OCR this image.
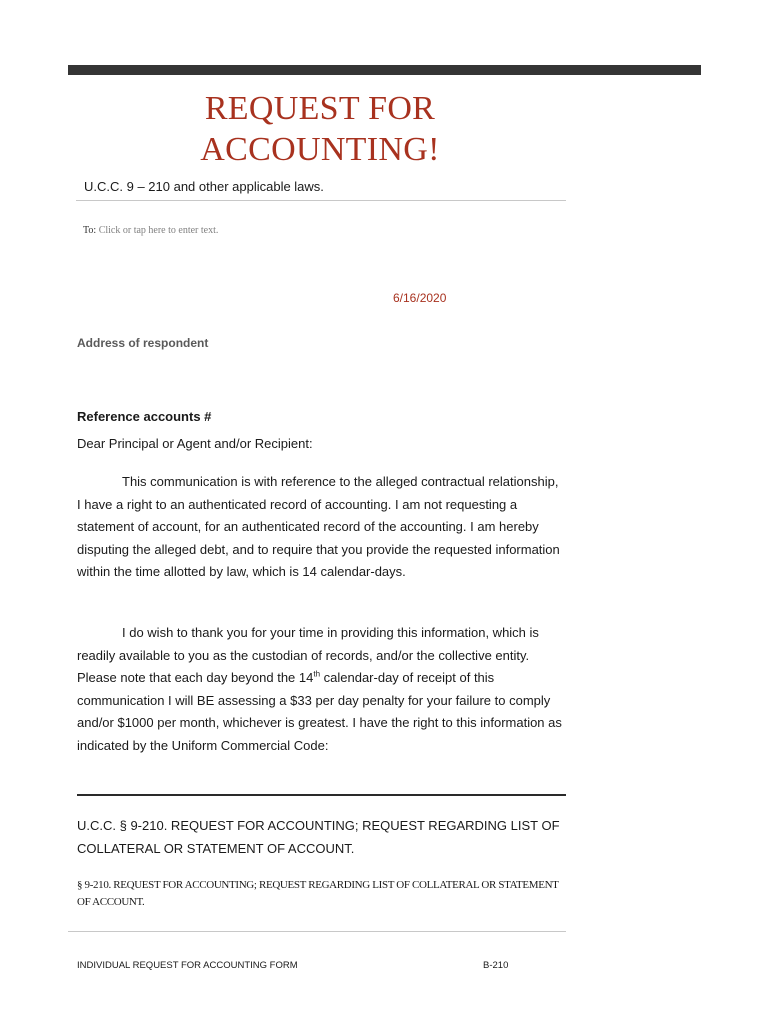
REQUEST FOR
ACCOUNTING!

U.C.C. 9 – 210 and other applicable laws.

To: Click or tap here to enter text.
6/16/2020
Address of respondent
Reference accounts #
Dear Principal or Agent and/or Recipient:

This communication is with reference to the alleged contractual relationship, I have a right to an authenticated record of accounting. I am not requesting a statement of account, for an authenticated record of the accounting. I am hereby disputing the alleged debt, and to require that you provide the requested information within the time allotted by law, which is 14 calendar-days.

I do wish to thank you for your time in providing this information, which is readily available to you as the custodian of records, and/or the collective entity. Please note that each day beyond the 14th calendar-day of receipt of this communication I will BE assessing a $33 per day penalty for your failure to comply and/or $1000 per month, whichever is greatest. I have the right to this information as indicated by the Uniform Commercial Code:

U.C.C. § 9-210. REQUEST FOR ACCOUNTING; REQUEST REGARDING LIST OF COLLATERAL OR STATEMENT OF ACCOUNT.

§ 9-210. REQUEST FOR ACCOUNTING; REQUEST REGARDING LIST OF COLLATERAL OR STATEMENT OF ACCOUNT.

INDIVIDUAL REQUEST FOR ACCOUNTING FORM	B-210
